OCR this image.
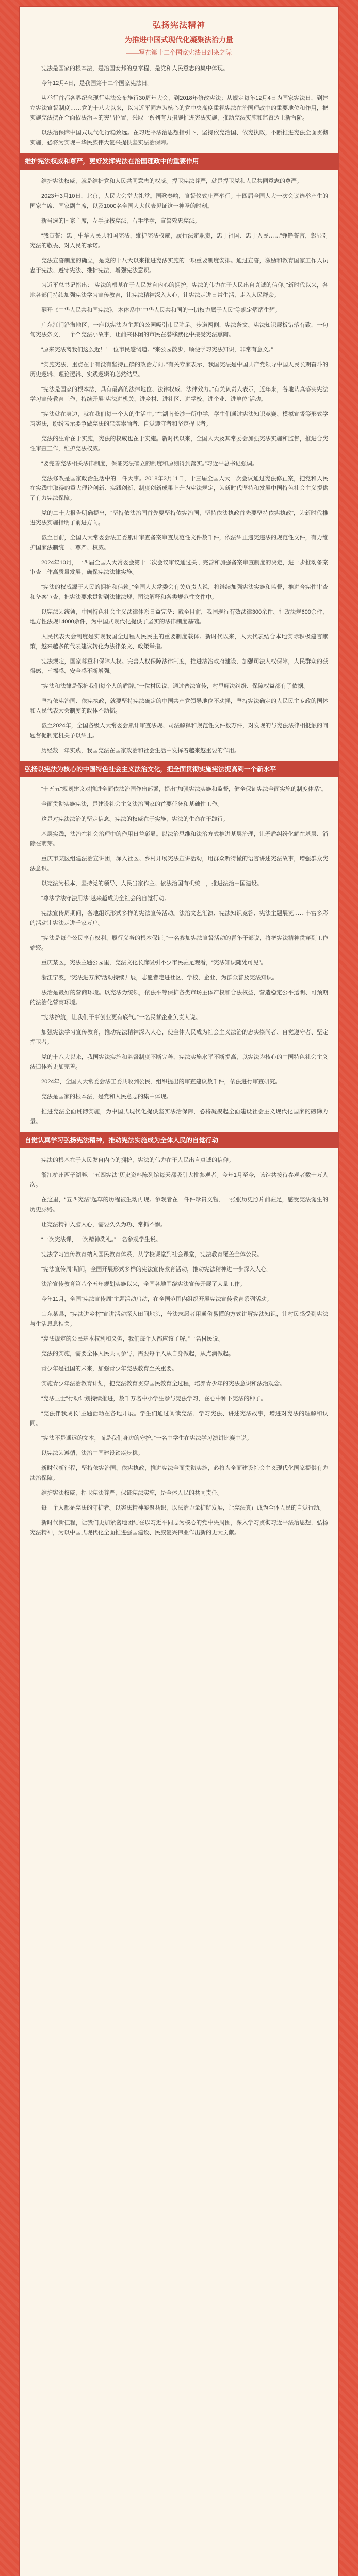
弘扬宪法精神
为推进中国式现代化凝聚法治力量
——写在第十二个国家宪法日到来之际

宪法是国家的根本法，是治国安邦的总章程，是党和人民意志的集中体现。

今年12月4日，是我国第十二个国家宪法日。

从举行首都各界纪念现行宪法公布施行30周年大会，到2018年修改宪法；从规定每年12月4日为国家宪法日，到建立宪法宣誓制度……党的十八大以来，以习近平同志为核心的党中央高度重视宪法在治国理政中的重要地位和作用，把实施宪法摆在全面依法治国的突出位置，采取一系列有力措施推进宪法实施，推动宪法实施和监督迈上新台阶。

以法治保障中国式现代化行稳致远。在习近平法治思想指引下，坚持依宪治国、依宪执政，不断推进宪法全面贯彻实施，必将为实现中华民族伟大复兴提供坚实法治保障。

维护宪法权威和尊严，更好发挥宪法在治国理政中的重要作用

维护宪法权威，就是维护党和人民共同意志的权威。捍卫宪法尊严，就是捍卫党和人民共同意志的尊严。

2023年3月10日，北京，人民大会堂大礼堂。国歌奏响，宣誓仪式庄严举行。十四届全国人大一次会议选举产生的国家主席、国家副主席，以及1000名全国人大代表见证这一神圣的时刻。

新当选的国家主席，左手抚按宪法，右手举拳，宣誓效忠宪法。

“我宣誓：忠于中华人民共和国宪法，维护宪法权威，履行法定职责，忠于祖国、忠于人民……”铮铮誓言，彰显对宪法的敬畏、对人民的承诺。

宪法宣誓制度的确立，是党的十八大以来推进宪法实施的一项重要制度安排。通过宣誓，激励和教育国家工作人员忠于宪法、遵守宪法、维护宪法，增强宪法意识。

习近平总书记指出：“宪法的根基在于人民发自内心的拥护，宪法的伟力在于人民出自真诚的信仰。”新时代以来，各地各部门持续加强宪法学习宣传教育，让宪法精神深入人心，让宪法走进日常生活、走入人民群众。

翻开《中华人民共和国宪法》，本体系中“中华人民共和国的一切权力属于人民”等规定熠熠生辉。

广东江门沿海地区，一座以宪法为主题的公园吸引市民驻足。步道两侧，宪法条文、宪法知识展板错落有致，一句句宪法条文，一个个宪法小故事，让前来休闲的市民在潜移默化中接受宪法熏陶。

“原来宪法离我们这么近！”一位市民感慨道。“来公园散步，顺便学习宪法知识，非常有意义。”

“实施宪法，重点在于有没有坚持正确的政治方向。”有关专家表示，我国宪法是中国共产党领导中国人民长期奋斗的历史逻辑、理论逻辑、实践逻辑的必然结果。

“宪法是国家的根本法，具有最高的法律地位、法律权威、法律效力。”有关负责人表示，近年来，各地认真落实宪法学习宣传教育工作，持续开展“宪法进机关、进乡村、进社区、进学校、进企业、进单位”活动。

“宪法就在身边，就在我们每一个人的生活中。”在湖南长沙一所中学，学生们通过宪法知识竞赛、模拟宣誓等形式学习宪法，纷纷表示要争做宪法的忠实崇尚者、自觉遵守者和坚定捍卫者。

宪法的生命在于实施，宪法的权威也在于实施。新时代以来，全国人大及其常委会加强宪法实施和监督，推进合宪性审查工作，维护宪法权威。

“要完善宪法相关法律制度，保证宪法确立的制度和原则得到落实。”习近平总书记强调。

宪法修改是国家政治生活中的一件大事。2018年3月11日，十三届全国人大一次会议通过宪法修正案，把党和人民在实践中取得的重大理论创新、实践创新、制度创新成果上升为宪法规定，为新时代坚持和发展中国特色社会主义提供了有力宪法保障。

党的二十大报告明确提出，“坚持依法治国首先要坚持依宪治国，坚持依法执政首先要坚持依宪执政”，为新时代推进宪法实施指明了前进方向。

截至目前，全国人大常委会法工委累计审查备案审查规范性文件数千件，依法纠正违宪违法的规范性文件，有力维护国家法制统一、尊严、权威。

2024年10月，十四届全国人大常委会第十二次会议审议通过关于完善和加强备案审查制度的决定，进一步推动备案审查工作高质量发展，确保宪法法律实施。

“宪法的权威源于人民的拥护和信赖。”全国人大常委会有关负责人说，将继续加强宪法实施和监督，推进合宪性审查和备案审查，把宪法要求贯彻到法律法规、司法解释和各类规范性文件中。

以宪法为统领，中国特色社会主义法律体系日益完备：截至目前，我国现行有效法律300余件、行政法规600余件、地方性法规14000余件，为中国式现代化提供了坚实的法律制度基础。

人民代表大会制度是实现我国全过程人民民主的重要制度载体。新时代以来，人大代表结合本地实际积极建言献策，越来越多的代表建议转化为法律条文、政策举措。

宪法规定，国家尊重和保障人权。完善人权保障法律制度，推进法治政府建设，加强司法人权保障，人民群众的获得感、幸福感、安全感不断增强。

“宪法和法律是保护我们每个人的盾牌。”一位村民说，通过普法宣传，村里解决纠纷、保障权益都有了依据。

坚持依宪治国、依宪执政，就要坚持宪法确定的中国共产党领导地位不动摇，坚持宪法确定的人民民主专政的国体和人民代表大会制度的政体不动摇。

截至2024年，全国各级人大常委会累计审查法规、司法解释和规范性文件数万件，对发现的与宪法法律相抵触的问题督促制定机关予以纠正。

历经数十年实践，我国宪法在国家政治和社会生活中发挥着越来越重要的作用。

弘扬以宪法为核心的中国特色社会主义法治文化，把全面贯彻实施宪法提高到一个新水平

“十五五”规划建议对推进全面依法治国作出部署，提出“加强宪法实施和监督，健全保证宪法全面实施的制度体系”。

全面贯彻实施宪法，是建设社会主义法治国家的首要任务和基础性工作。

这是对宪法法治的坚定信念。宪法的权威在于实施，宪法的生命在于践行。

基层实践，法治在社会治理中的作用日益彰显。以法治思维和法治方式推进基层治理，让矛盾纠纷化解在基层、消除在萌芽。

重庆市某区组建法治宣讲团，深入社区、乡村开展宪法宣讲活动，用群众听得懂的语言讲述宪法故事，增强群众宪法意识。

以宪法为根本，坚持党的领导、人民当家作主、依法治国有机统一，推进法治中国建设。

“尊法学法守法用法”越来越成为全社会的自觉行动。

宪法宣传周期间，各地组织形式多样的宪法宣传活动。法治文艺汇演、宪法知识竞答、宪法主题展览……丰富多彩的活动让宪法走进千家万户。

“宪法是每个公民享有权利、履行义务的根本保证。”一名参加宪法宣誓活动的青年干部说，将把宪法精神贯穿到工作始终。

重庆某区，宪法主题公园里，宪法文化长廊吸引不少市民驻足观看，“宪法知识随处可见”。

浙江宁波，“宪法进万家”活动持续开展，志愿者走进社区、学校、企业，为群众普及宪法知识。

法治是最好的营商环境。以宪法为统领，依法平等保护各类市场主体产权和合法权益，营造稳定公平透明、可预期的法治化营商环境。

“宪法护航，让我们干事创业更有底气。”一名民营企业负责人说。

加强宪法学习宣传教育，推动宪法精神深入人心，使全体人民成为社会主义法治的忠实崇尚者、自觉遵守者、坚定捍卫者。

党的十八大以来，我国宪法实施和监督制度不断完善，宪法实施水平不断提高，以宪法为核心的中国特色社会主义法律体系更加完善。

2024年，全国人大常委会法工委共收到公民、组织提出的审查建议数千件，依法进行审查研究。

宪法是国家的根本法，是党和人民意志的集中体现。

推进宪法全面贯彻实施，为中国式现代化提供坚实法治保障，必将凝聚起全面建设社会主义现代化国家的磅礴力量。

自觉认真学习弘扬宪法精神，推动宪法实施成为全体人民的自觉行动

宪法的根基在于人民发自内心的拥护，宪法的伟力在于人民出自真诚的信仰。

浙江杭州西子湖畔，“五四宪法”历史资料陈列馆每天都吸引大批参观者。今年1月至今，该馆共接待参观者数十万人次。

在这里，“五四宪法”起草的历程被生动再现。参观者在一件件珍贵文物、一张张历史照片前驻足，感受宪法诞生的历史脉络。

让宪法精神入脑入心，需要久久为功、常抓不懈。

“一次宪法课，一次精神洗礼。”一名参观学生说。

宪法学习宣传教育纳入国民教育体系，从学校课堂到社会课堂，宪法教育覆盖全体公民。

“宪法宣传周”期间，全国开展形式多样的宪法宣传教育活动，推动宪法精神进一步深入人心。

法治宣传教育第八个五年规划实施以来，全国各地围绕宪法宣传开展了大量工作。

今年11月，全国“宪法宣传周”主题活动启动，在全国范围内组织开展宪法宣传教育系列活动。

山东某县，“宪法进乡村”宣讲活动深入田间地头，普法志愿者用通俗易懂的方式讲解宪法知识，让村民感受到宪法与生活息息相关。

“宪法规定的公民基本权利和义务，我们每个人都应该了解。”一名村民说。

宪法的实施，需要全体人民共同参与，需要每个人从自身做起，从点滴做起。

青少年是祖国的未来，加强青少年宪法教育至关重要。

实施青少年法治教育计划，把宪法教育贯穿国民教育全过程，培养青少年的宪法意识和法治观念。

“宪法卫士”行动计划持续推进，数千万名中小学生参与宪法学习，在心中种下宪法的种子。

“宪法伴我成长”主题活动在各地开展。学生们通过阅读宪法、学习宪法、讲述宪法故事，增进对宪法的理解和认同。

“宪法不是遥远的文本，而是我们身边的守护。”一名中学生在宪法学习演讲比赛中说。

以宪法为遵循，法治中国建设蹄疾步稳。

新时代新征程，坚持依宪治国、依宪执政，推进宪法全面贯彻实施，必将为全面建设社会主义现代化国家提供有力法治保障。

维护宪法权威，捍卫宪法尊严，保证宪法实施，是全体人民的共同责任。

每一个人都是宪法的守护者。以宪法精神凝聚共识，以法治力量护航发展，让宪法真正成为全体人民的自觉行动。

新时代新征程，让我们更加紧密地团结在以习近平同志为核心的党中央周围，深入学习贯彻习近平法治思想，弘扬宪法精神，为以中国式现代化全面推进强国建设、民族复兴伟业作出新的更大贡献。
